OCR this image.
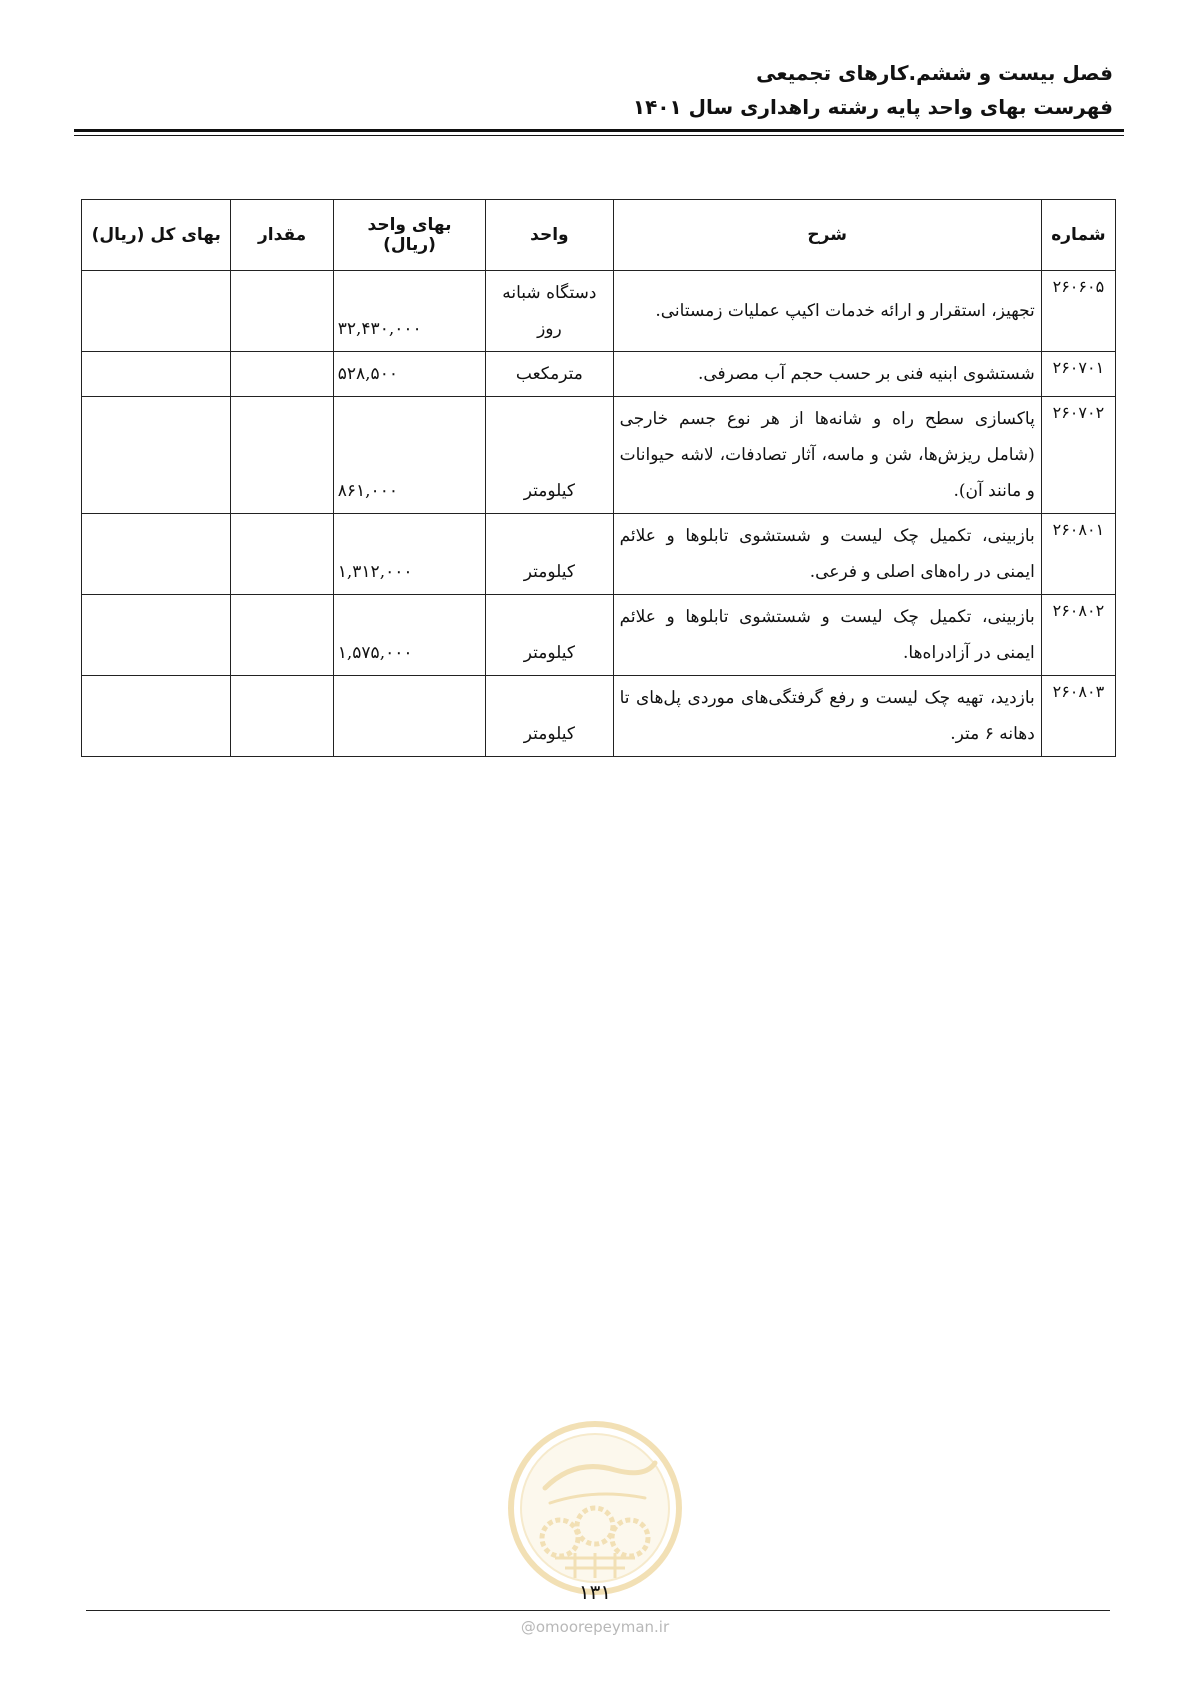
فصل بیست و ششم.کارهای تجمیعی
فهرست بهای واحد پایه رشته راهداری سال ۱۴۰۱
شماره	شرح	واحد	بهای واحد (ریال)	مقدار	بهای کل (ریال)
۲۶۰۶۰۵	تجهیز، استقرار و ارائه خدمات اکیپ عملیات زمستانی.	دستگاه شبانه روز	۳۲,۴۳۰,۰۰۰		
۲۶۰۷۰۱	شستشوی ابنیه فنی بر حسب حجم آب مصرفی.	مترمکعب	۵۲۸,۵۰۰		
۲۶۰۷۰۲	پاکسازی سطح راه و شانه‌ها از هر نوع جسم خارجی (شامل ریزش‌ها، شن و ماسه، آثار تصادفات، لاشه حیوانات و مانند آن).	کیلومتر	۸۶۱,۰۰۰		
۲۶۰۸۰۱	بازبینی، تکمیل چک لیست و شستشوی تابلوها و علائم ایمنی در راه‌های اصلی و فرعی.	کیلومتر	۱,۳۱۲,۰۰۰		
۲۶۰۸۰۲	بازبینی، تکمیل چک لیست و شستشوی تابلوها و علائم ایمنی در آزادراه‌ها.	کیلومتر	۱,۵۷۵,۰۰۰		
۲۶۰۸۰۳	بازدید، تهیه چک لیست و رفع گرفتگی‌های موردی پل‌های تا دهانه ۶ متر.	کیلومتر			
۱۳۱
@omoorepeyman.ir
